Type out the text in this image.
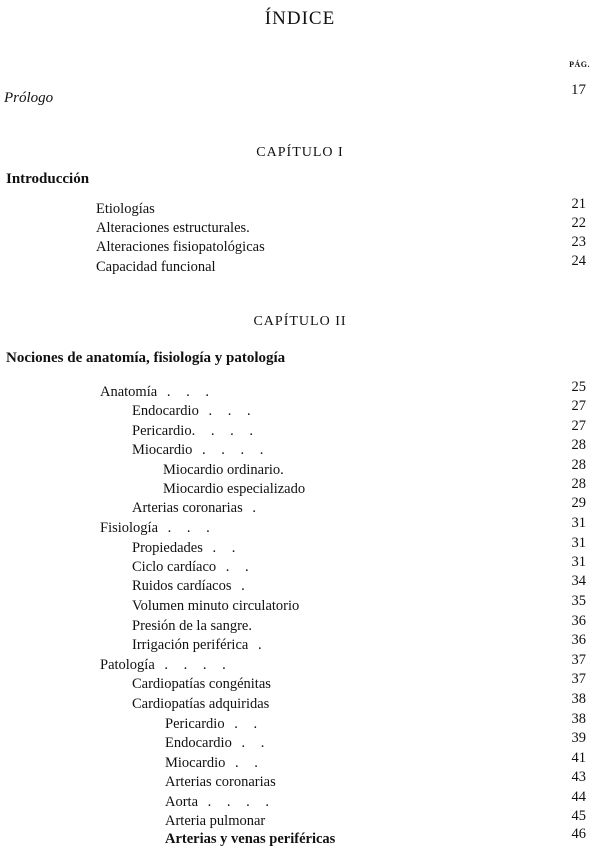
ÍNDICE
PÁG.
Prólogo	17
CAPÍTULO I
Introducción
Etiologías	21
Alteraciones estructurales.	22
Alteraciones fisiopatológicas	23
Capacidad funcional	24
CAPÍTULO II
Nociones de anatomía, fisiología y patología
Anatomía . . .	25
Endocardio . . .	27
Pericardio. . . .	27
Miocardio . . . .	28
Miocardio ordinario.	28
Miocardio especializado	28
Arterias coronarias .	29
Fisiología . . .	31
Propiedades . .	31
Ciclo cardíaco . .	31
Ruidos cardíacos .	34
Volumen minuto circulatorio	35
Presión de la sangre.	36
Irrigación periférica .	36
Patología . . . .	37
Cardiopatías congénitas	37
Cardiopatías adquiridas	38
Pericardio . .	38
Endocardio . .	39
Miocardio . .	41
Arterias coronarias	43
Aorta . . . .	44
Arteria pulmonar	45
Arterias y venas periféricas	46
